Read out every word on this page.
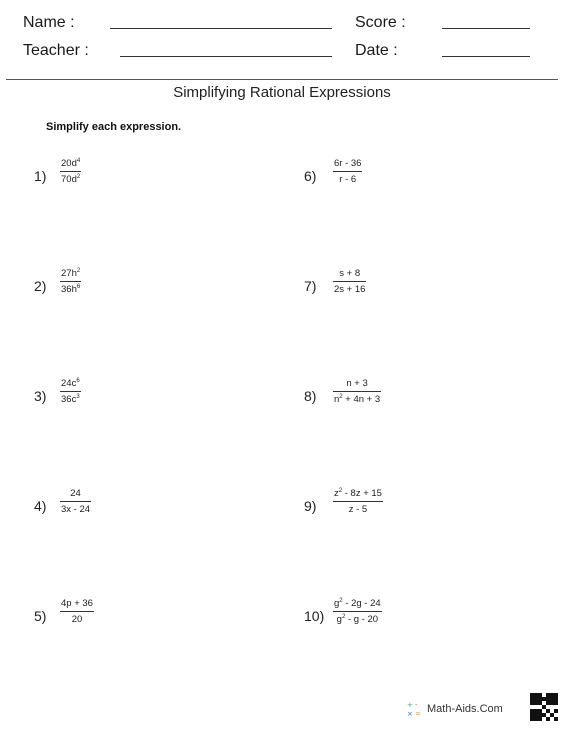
Name :
Teacher :
Score :
Date :
Simplifying Rational Expressions
Simplify each expression.
1)
$20d^4$
$70d^2$
2)
$27h^2$
$36h^6$
3)
$24c^6$
$36c^3$
4)
24
3x - 24
5)
4p + 36
20
6)
6r - 36
r - 6
7)
s + 8
2s + 16
8)
n + 3
$n^2 + 4n + 3$
9)
$z^2 - 8z + 15$
z - 5
10)
$g^2 - 2g - 24$
$g^2$ - g - 20
+ -
× = Math-Aids.Com
